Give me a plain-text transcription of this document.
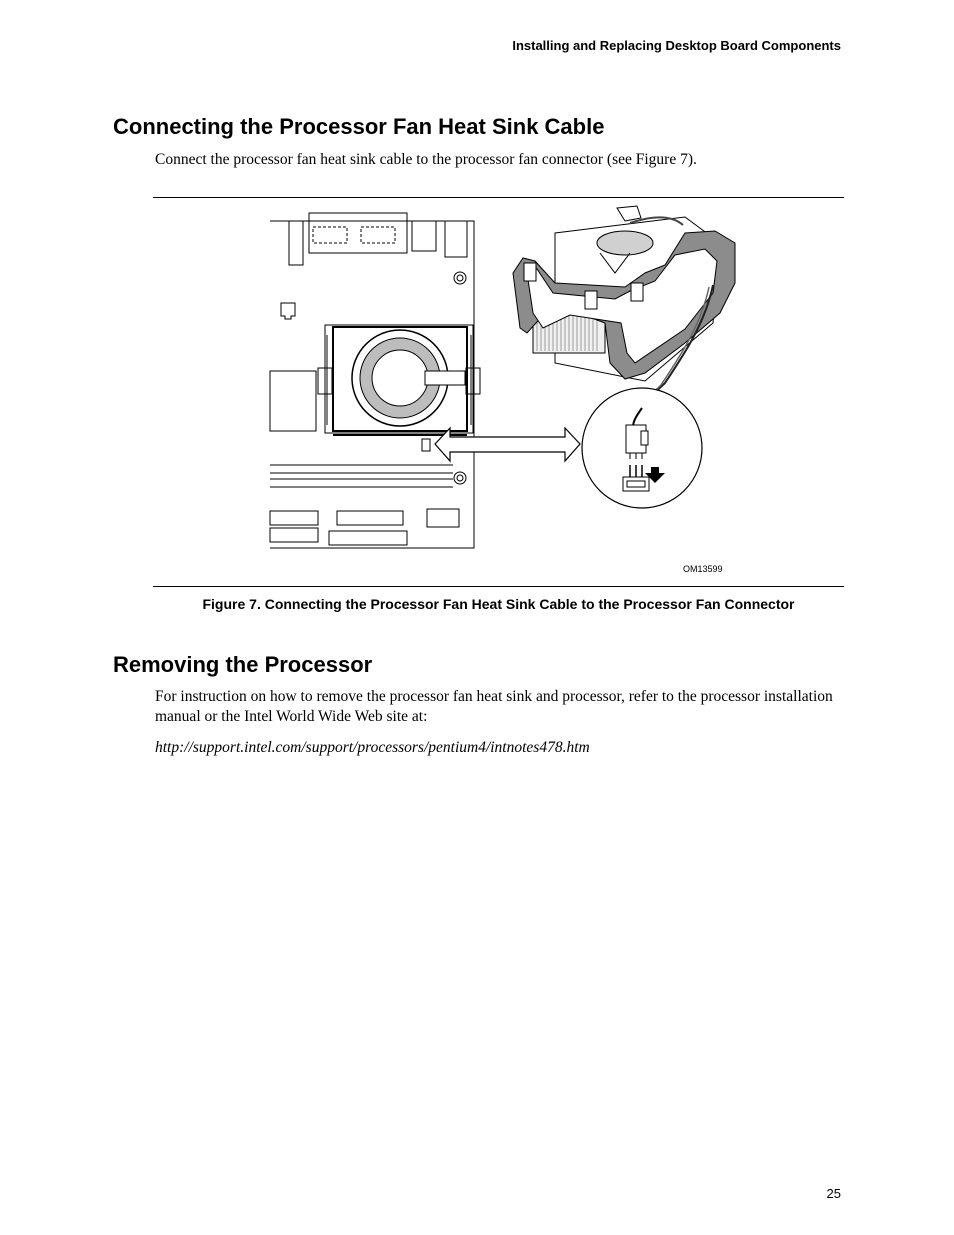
Installing and Replacing Desktop Board Components
Connecting the Processor Fan Heat Sink Cable

Connect the processor fan heat sink cable to the processor fan connector (see Figure 7).

OM13599
Figure 7. Connecting the Processor Fan Heat Sink Cable to the Processor Fan Connector
Removing the Processor

For instruction on how to remove the processor fan heat sink and processor, refer to the processor installation manual or the Intel World Wide Web site at:

http://support.intel.com/support/processors/pentium4/intnotes478.htm

25
